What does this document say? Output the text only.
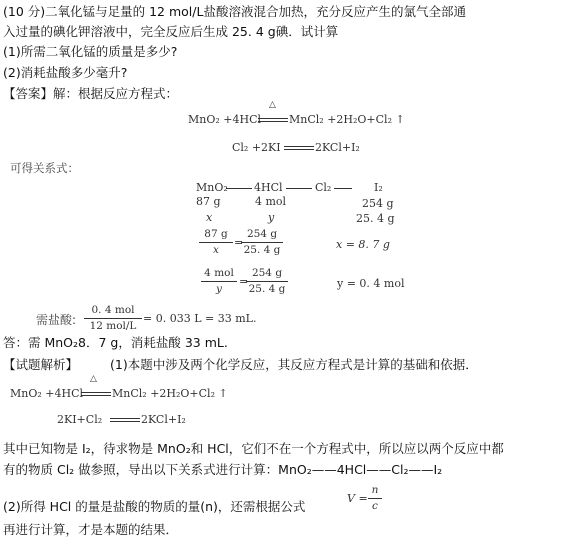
(10 分)二氧化锰与足量的 12 mol/L盐酸溶液混合加热，充分反应产生的氯气全部通
入过量的碘化钾溶液中，完全反应后生成 25. 4 g碘．试计算
(1)所需二氧化锰的质量是多少?
(2)消耗盐酸多少毫升?
【答案】解：根据反应方程式：
MnO₂ +4HCl
△
MnCl₂ +2H₂O+Cl₂ ↑
Cl₂ +2KI	2KCl+I₂
可得关系式：
MnO₂ 4HCl	Cl₂	I₂
87 g	4 mol	254 g
x	y	25. 4 g
87 g
x
=
254 g
25. 4 g	x = 8. 7 g
4 mol
y
=
254 g
25. 4 g	y = 0. 4 mol
需盐酸:
0. 4 mol
12 mol/L
= 0. 033 L = 33 mL.
答：需 MnO₂8．7 g，消耗盐酸 33 mL.
【试题解析】	(1)本题中涉及两个化学反应，其反应方程式是计算的基础和依据．
MnO₂ +4HCl
△
MnCl₂ +2H₂O+Cl₂ ↑
2KI+Cl₂	2KCl+I₂
其中已知物是 I₂，待求物是 MnO₂和 HCl，它们不在一个方程式中，所以应以两个反应中都
有的物质 Cl₂ 做参照，导出以下关系式进行计算：MnO₂——4HCl——Cl₂——I₂
(2)所得 HCl 的量是盐酸的物质的量(n)，还需根据公式
V =
n
c
再进行计算，才是本题的结果．
